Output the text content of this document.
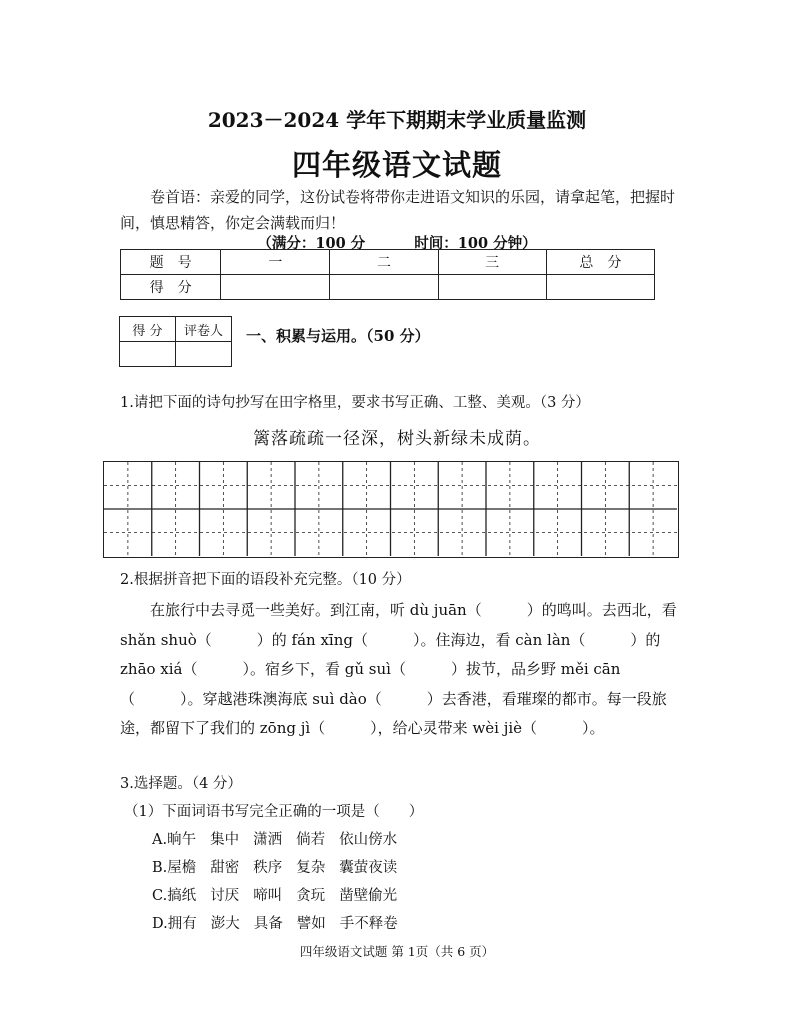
2023－2024 学年下期期末学业质量监测
四年级语文试题
卷首语：亲爱的同学，这份试卷将带你走进语文知识的乐园，请拿起笔，把握时间，慎思精答，你定会满载而归！
（满分：100 分	时间：100 分钟）
题　号	一	二	三	总　分
得　分				
得 分	评卷人
	一、积累与运用。（50 分）
1.请把下面的诗句抄写在田字格里，要求书写正确、工整、美观。（3 分）
篱落疏疏一径深，树头新绿未成荫。
2.根据拼音把下面的语段补充完整。（10 分）
在旅行中去寻觅一些美好。到江南，听 dù juān（　　　）的鸣叫。去西北，看 shǎn shuò（　　　）的 fán xīng（　　　）。住海边，看 càn làn（　　　）的 zhāo xiá（　　　）。宿乡下，看 gǔ suì（　　　）拔节，品乡野 měi cān（　　　）。穿越港珠澳海底 suì dào（　　　）去香港，看璀璨的都市。每一段旅途，都留下了我们的 zōng jì（　　　），给心灵带来 wèi jiè（　　　）。
3.选择题。（4 分）
（1）下面词语书写完全正确的一项是（　　）
A.晌午 集中 潇洒 倘若 依山傍水
B.屋檐 甜密 秩序 复杂 囊萤夜读
C.搞纸 讨厌 啼叫 贪玩 凿壁偷光
D.拥有 澎大 具备 譬如 手不释卷
四年级语文试题 第 1页（共 6 页）
